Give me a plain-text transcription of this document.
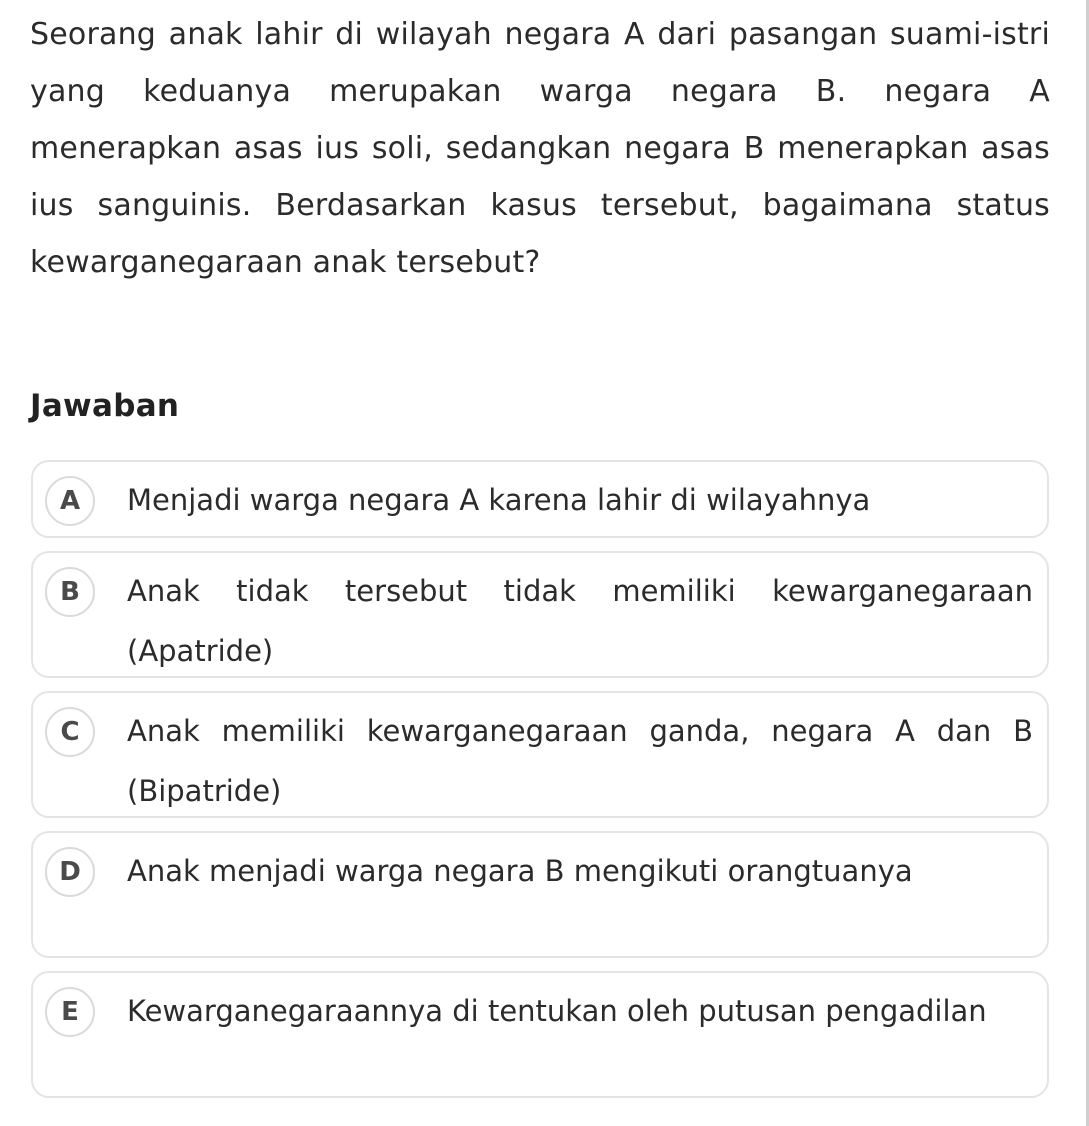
Seorang anak lahir di wilayah negara A dari pasangan suami-istri yang keduanya merupakan warga negara B. negara A menerapkan asas ius soli, sedangkan negara B menerapkan asas ius sanguinis. Berdasarkan kasus tersebut, bagaimana status kewarganegaraan anak tersebut?

Jawaban
A	Menjadi warga negara A karena lahir di wilayahnya
B	Anak tidak tersebut tidak memiliki kewarganegaraan (Apatride)
C	Anak memiliki kewarganegaraan ganda, negara A dan B (Bipatride)
D	Anak menjadi warga negara B mengikuti orangtuanya
E	Kewarganegaraannya di tentukan oleh putusan pengadilan
